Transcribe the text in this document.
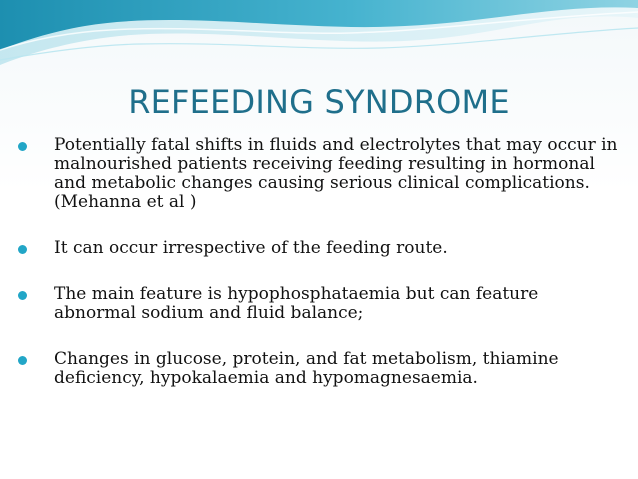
REFEEDING SYNDROME
Potentially fatal shifts in fluids and electrolytes that may occur in malnourished patients receiving feeding resulting in hormonal and metabolic changes causing serious clinical complications.(Mehanna et al )
It can occur irrespective of the feeding route.
The main feature is hypophosphataemia but can feature abnormal sodium and fluid balance;
Changes in glucose, protein, and fat metabolism, thiamine deficiency, hypokalaemia and hypomagnesaemia.
